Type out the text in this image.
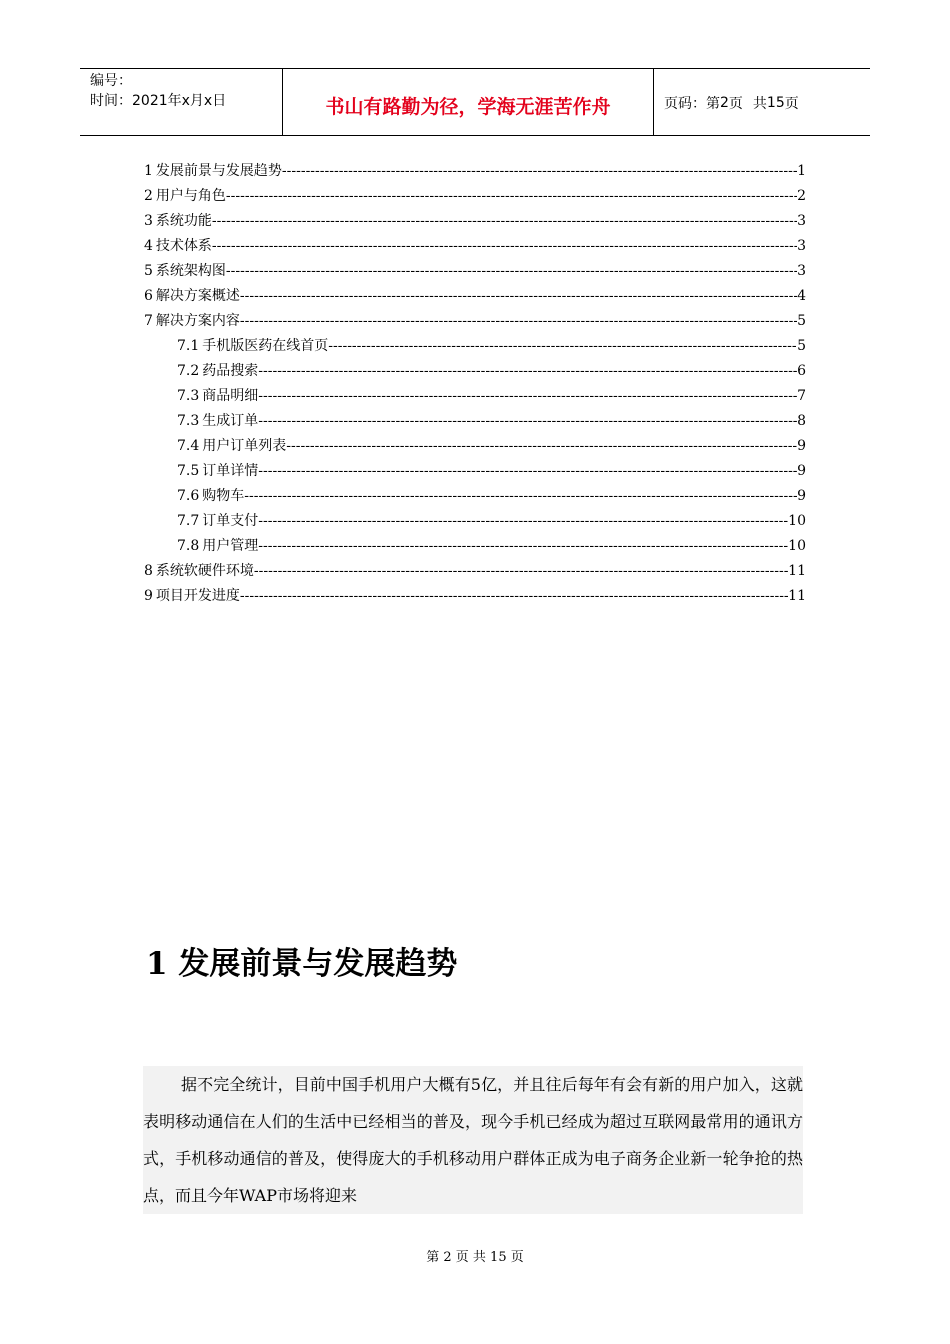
编号：
时间：2021年x月x日	书山有路勤为径，学海无涯苦作舟	页码：第 2 页 共 15 页
1 发展前景与发展趋势 -----	1
2 用户与角色 -----	2
3 系统功能 -----	3
4 技术体系 -----	3
5 系统架构图 -----	3
6 解决方案概述 -----	4
7 解决方案内容 -----	5
7.1 手机版医药在线首页 -----	5
7.2 药品搜索 -----	6
7.3 商品明细 -----	7
7.3 生成订单 -----	8
7.4 用户订单列表 -----	9
7.5 订单详情 -----	9
7.6 购物车 -----	9
7.7 订单支付 -----	10
7.8 用户管理 -----	10
8 系统软硬件环境 -----	11
9 项目开发进度 -----	11
1 发展前景与发展趋势

据不完全统计，目前中国手机用户大概有5亿，并且往后每年有会有新的用户加入，这就表明移动通信在人们的生活中已经相当的普及，现今手机已经成为超过互联网最常用的通讯方式，手机移动通信的普及，使得庞大的手机移动用户群体正成为电子商务企业新一轮争抢的热点，而且今年WAP市场将迎来

第 2 页 共 15 页
